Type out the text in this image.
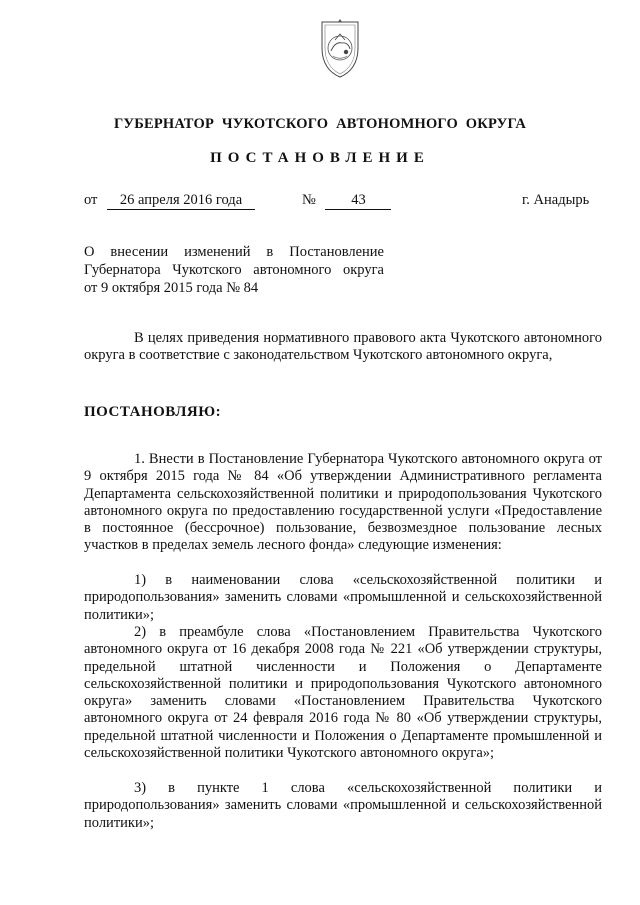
ГУБЕРНАТОР ЧУКОТСКОГО АВТОНОМНОГО ОКРУГА
ПОСТАНОВЛЕНИЕ
от 26 апреля 2016 года	№ 43	г. Анадырь
О внесении изменений в Постановление
Губернатора Чукотского автономного округа
от 9 октября 2015 года № 84
В целях приведения нормативного правового акта Чукотского автономного округа в соответствие с законодательством Чукотского автономного округа,
ПОСТАНОВЛЯЮ:
1. Внести в Постановление Губернатора Чукотского автономного округа от 9 октября 2015 года № 84 «Об утверждении Административного регламента Департамента сельскохозяйственной политики и природопользования Чукотского автономного округа по предоставлению государственной услуги «Предоставление в постоянное (бессрочное) пользование, безвозмездное пользование лесных участков в пределах земель лесного фонда» следующие изменения:
1) в наименовании слова «сельскохозяйственной политики и природопользования» заменить словами «промышленной и сельскохозяйственной политики»;
2) в преамбуле слова «Постановлением Правительства Чукотского автономного округа от 16 декабря 2008 года № 221 «Об утверждении структуры, предельной штатной численности и Положения о Департаменте сельскохозяйственной политики и природопользования Чукотского автономного округа» заменить словами «Постановлением Правительства Чукотского автономного округа от 24 февраля 2016 года № 80 «Об утверждении структуры, предельной штатной численности и Положения о Департаменте промышленной и сельскохозяйственной политики Чукотского автономного округа»;
3) в пункте 1 слова «сельскохозяйственной политики и природопользования» заменить словами «промышленной и сельскохозяйственной политики»;
